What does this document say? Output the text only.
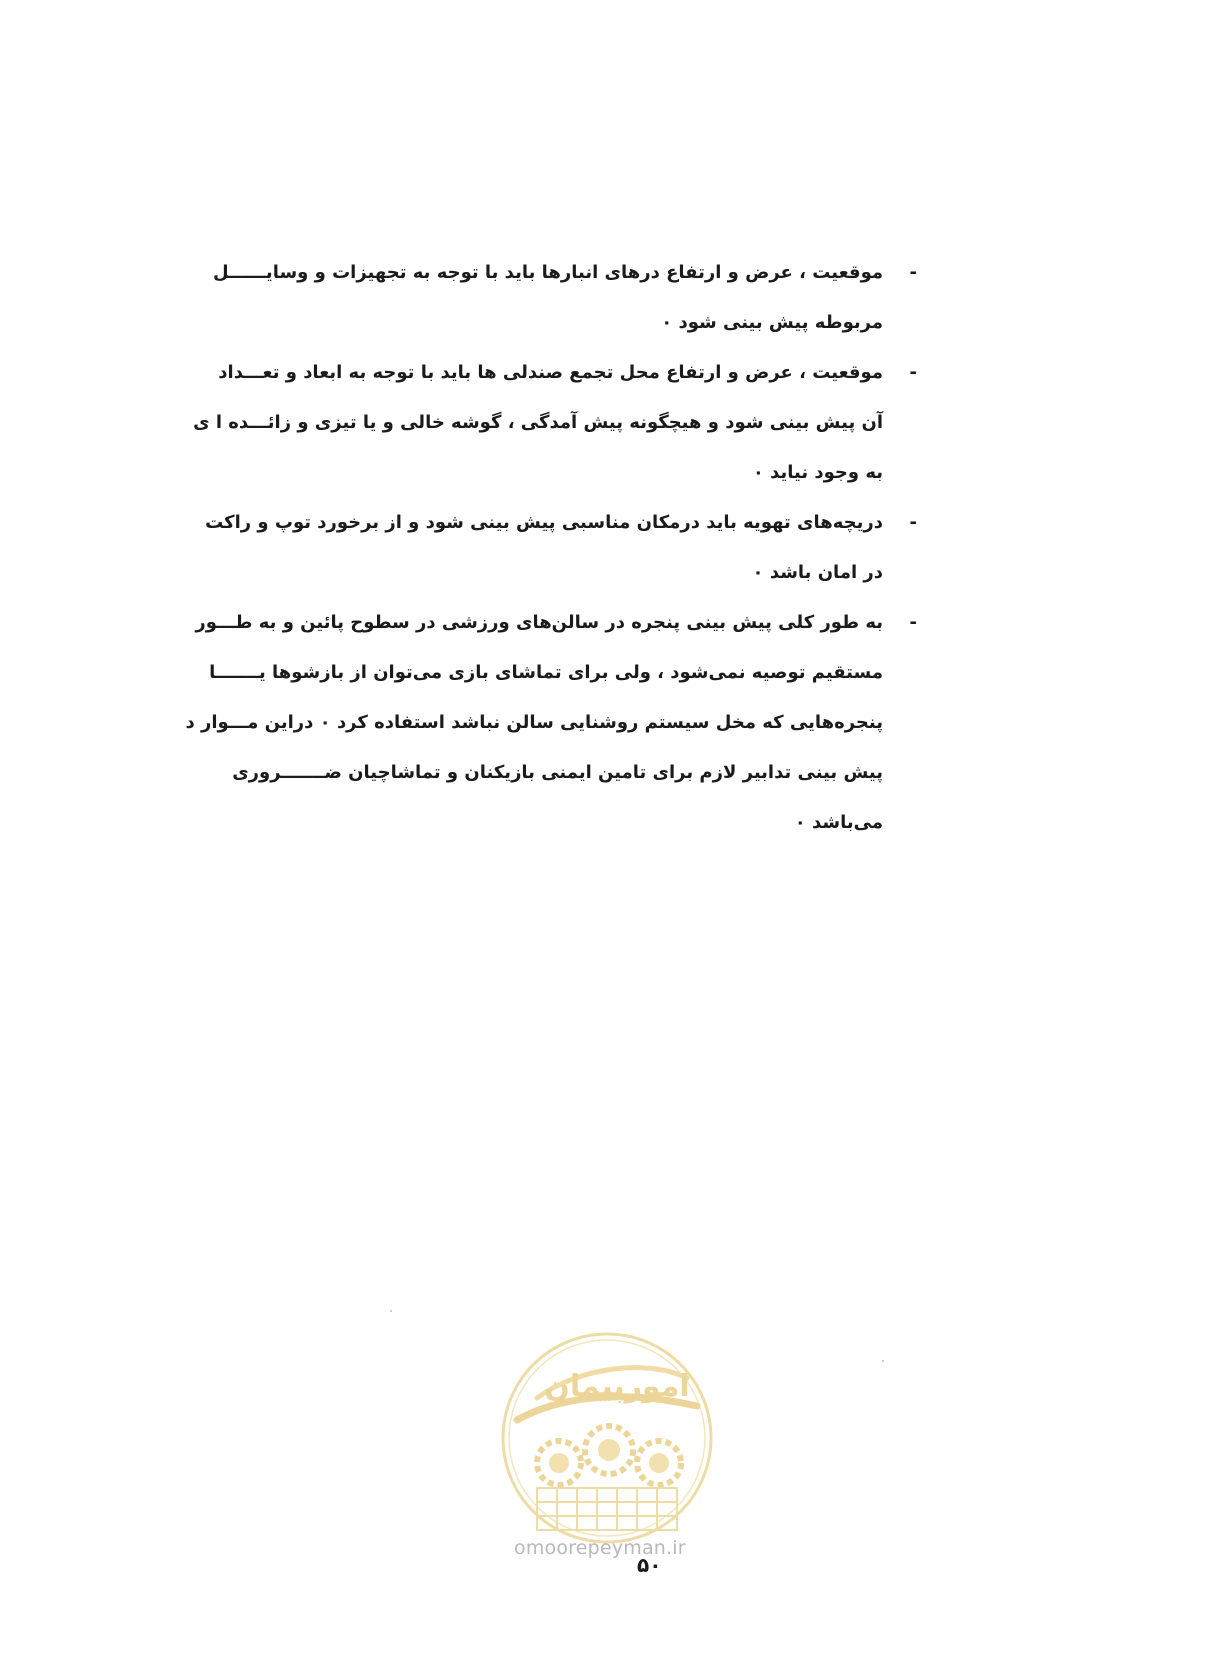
-
موقعیت ، عرض و ارتفاع درهای انبارها باید با توجه به تجهیزات و وسایــــــل
مربوطه پیش بینی شود ٠
-
موقعیت ، عرض و ارتفاع محل تجمع صندلی ها باید با توجه به ابعاد و تعـــداد
آن پیش بینی شود و هیچگونه پیش آمدگی ، گوشه خالی و یا تیزی و زائـــده ا ی
به وجود نیاید ٠
-
دریچه‌های تهویه باید درمکان مناسبی پیش بینی شود و از برخورد توپ و راکت
در امان باشد ٠
-
به طور کلی پیش بینی پنجره در سالن‌های ورزشی در سطوح پائین و به طـــور
مستقیم توصیه نمی‌شود ، ولی برای تماشای بازی می‌توان از بازشوها یـــــــا
پنجره‌هایی که مخل سیستم روشنایی سالن نباشد استفاده کرد ٠ دراین مـــوار د
پیش بینی تدابیر لازم برای تامین ایمنی بازیکنان و تماشاچیان ضـــــــروری
می‌باشد ٠
امورپیمان
omoorepeyman.ir
۵٠
